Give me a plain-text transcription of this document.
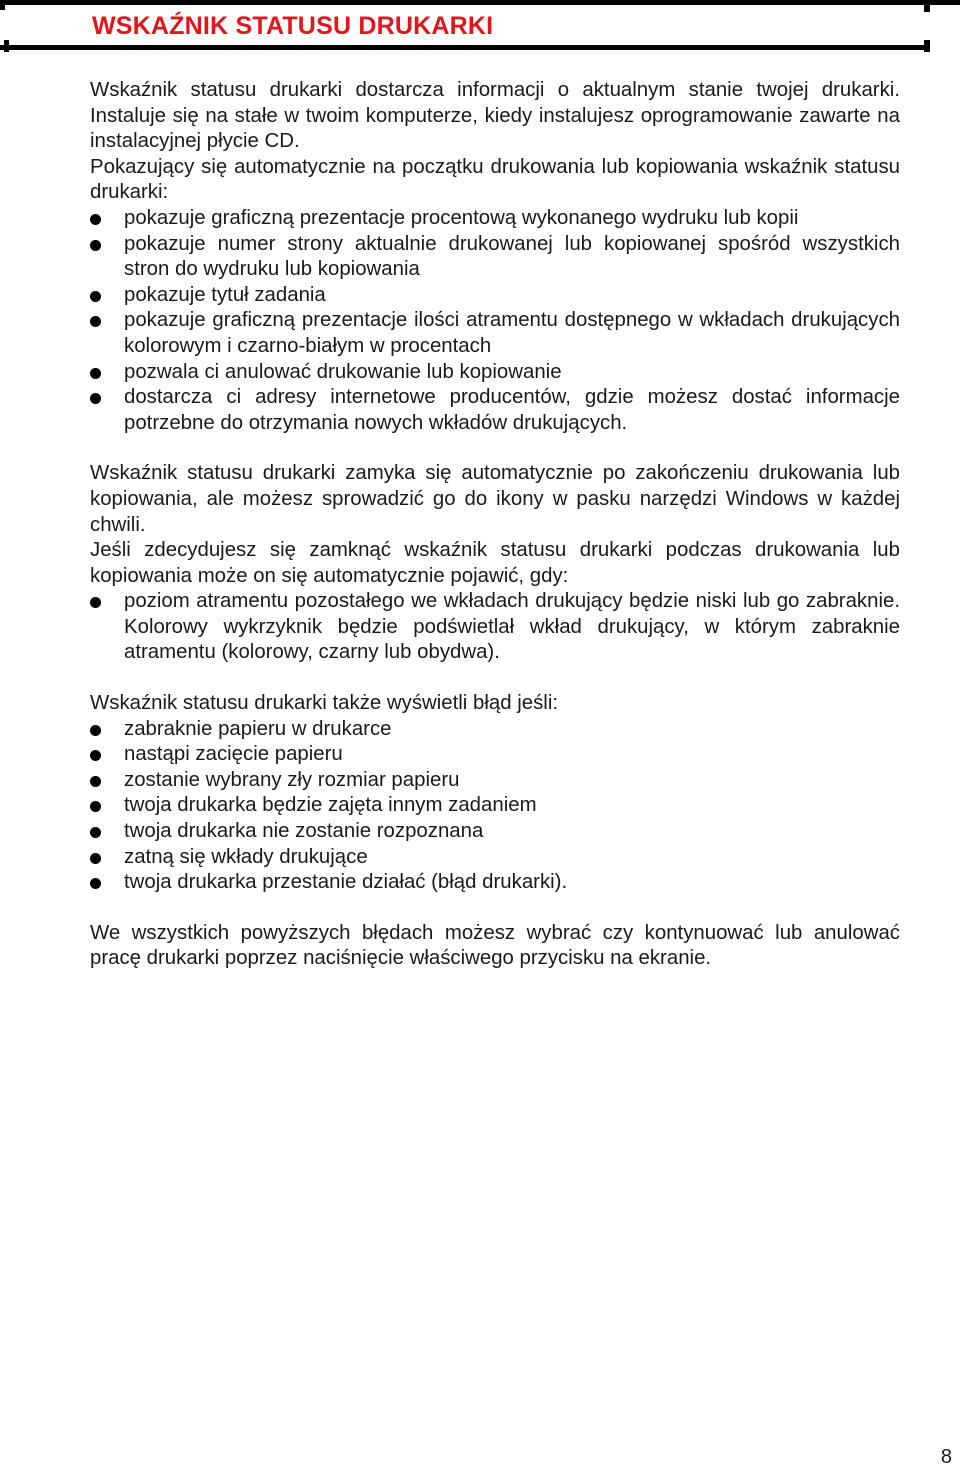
WSKAŹNIK STATUSU DRUKARKI

Wskaźnik statusu drukarki dostarcza informacji o aktualnym stanie twojej drukarki. Instaluje się na stałe w twoim komputerze, kiedy instalujesz oprogramowanie zawarte na instalacyjnej płycie CD.

Pokazujący się automatycznie na początku drukowania lub kopiowania wskaźnik statusu drukarki:

pokazuje graficzną prezentacje procentową wykonanego wydruku lub kopii
pokazuje numer strony aktualnie drukowanej lub kopiowanej spośród wszystkich stron do wydruku lub kopiowania
pokazuje tytuł zadania
pokazuje graficzną prezentacje ilości atramentu dostępnego w wkładach drukujących kolorowym i czarno-białym w procentach
pozwala ci anulować drukowanie lub kopiowanie
dostarcza ci adresy internetowe producentów, gdzie możesz dostać informacje potrzebne do otrzymania nowych wkładów drukujących.

Wskaźnik statusu drukarki zamyka się automatycznie po zakończeniu drukowania lub kopiowania, ale możesz sprowadzić go do ikony w pasku narzędzi Windows w każdej chwili.

Jeśli zdecydujesz się zamknąć wskaźnik statusu drukarki podczas drukowania lub kopiowania może on się automatycznie pojawić, gdy:

poziom atramentu pozostałego we wkładach drukujący będzie niski lub go zabraknie. Kolorowy wykrzyknik będzie podświetlał wkład drukujący, w którym zabraknie atramentu (kolorowy, czarny lub obydwa).

Wskaźnik statusu drukarki także wyświetli błąd jeśli:

zabraknie papieru w drukarce
nastąpi zacięcie papieru
zostanie wybrany zły rozmiar papieru
twoja drukarka będzie zajęta innym zadaniem
twoja drukarka nie zostanie rozpoznana
zatną się wkłady drukujące
twoja drukarka przestanie działać (błąd drukarki).

We wszystkich powyższych błędach możesz wybrać czy kontynuować lub anulować pracę drukarki poprzez naciśnięcie właściwego przycisku na ekranie.

8
